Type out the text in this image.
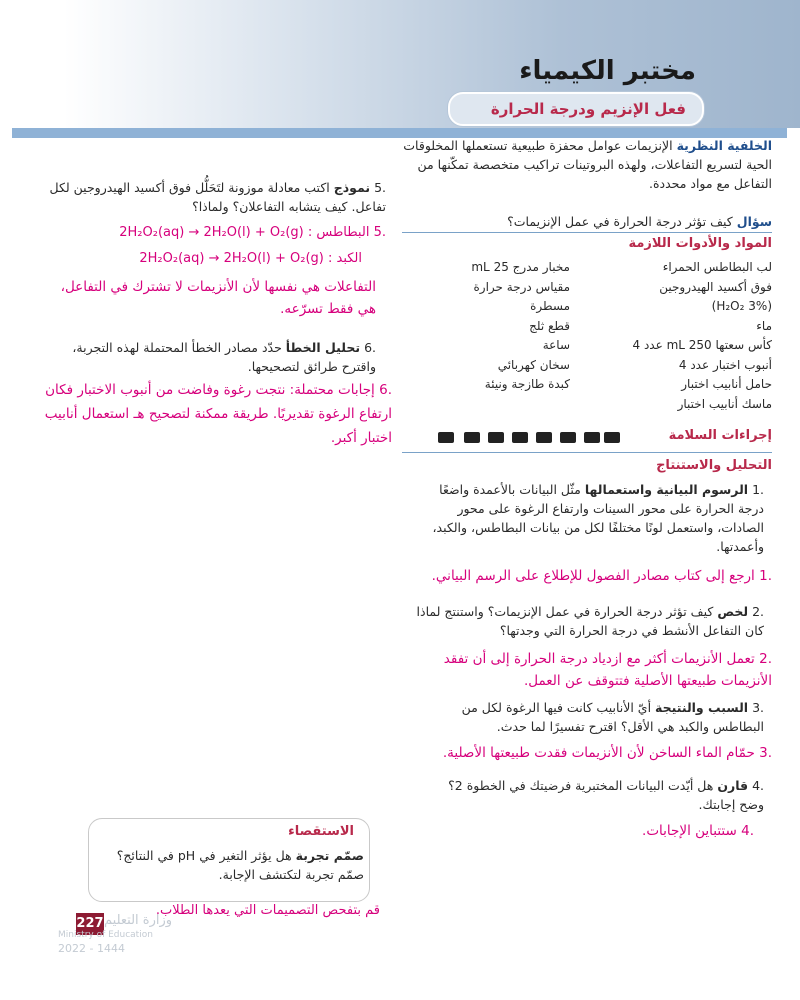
مختبر الكيمياء
فعل الإنزيم ودرجة الحرارة
الخلفية النظرية الإنزيمات عوامل محفزة طبيعية تستعملها المخلوقات الحية لتسريع التفاعلات، ولهذه البروتينات تراكيب متخصصة تمكّنها من التفاعل مع مواد محددة.
سؤال كيف تؤثر درجة الحرارة في عمل الإنزيمات؟
المواد والأدوات اللازمة
لب البطاطس الحمراء
فوق أكسيد الهيدروجين
(3% H₂O₂)
ماء
كأس سعتها 250 mL عدد 4
أنبوب اختبار عدد 4
حامل أنابيب اختبار
ماسك أنابيب اختبار
مخبار مدرج 25 mL
مقياس درجة حرارة
مسطرة
قطع ثلج
ساعة
سخان كهربائي
كبدة طازجة ونيئة
إجراءات السلامة
التحليل والاستنتاج
.1 الرسوم البيانية واستعمالها مثّل البيانات بالأعمدة واضعًا درجة الحرارة على محور السينات وارتفاع الرغوة على محور الصادات، واستعمل لونًا مختلفًا لكل من بيانات البطاطس، والكبد، وأعمدتها.
.1 ارجع إلى كتاب مصادر الفصول للإطلاع على الرسم البياني.
.2 لخص كيف تؤثر درجة الحرارة في عمل الإنزيمات؟ واستنتج لماذا كان التفاعل الأنشط في درجة الحرارة التي وجدتها؟
.2 تعمل الأنزيمات أكثر مع ازدياد درجة الحرارة إلى أن تفقد الأنزيمات طبيعتها الأصلية فتتوقف عن العمل.
.3 السبب والنتيجة أيّ الأنابيب كانت فيها الرغوة لكل من البطاطس والكبد هي الأقل؟ اقترح تفسيرًا لما حدث.
.3 حمّام الماء الساخن لأن الأنزيمات فقدت طبيعتها الأصلية.
.4 قارن هل أيّدت البيانات المختبرية فرضيتك في الخطوة 2؟ وضح إجابتك.
.4 ستتباين الإجابات.
.5 نموذج اكتب معادلة موزونة لتَحَلُّل فوق أكسيد الهيدروجين لكل تفاعل. كيف يتشابه التفاعلان؟ ولماذا؟
.5 البطاطس : 2H₂O₂(aq) → 2H₂O(l) + O₂(g)
الكبد : 2H₂O₂(aq) → 2H₂O(l) + O₂(g)
التفاعلات هي نفسها لأن الأنزيمات لا تشترك في التفاعل، هي فقط تسرّعه.
.6 تحليل الخطأ حدّد مصادر الخطأ المحتملة لهذه التجربة، واقترح طرائق لتصحيحها.
.6 إجابات محتملة: نتجت رغوة وفاضت من أنبوب الاختبار فكان ارتفاع الرغوة تقديريًا. طريقة ممكنة لتصحيح هـ استعمال أنابيب اختبار أكبر.
الاستقصاء
صمّم تجربة هل يؤثر التغير في pH في النتائج؟ صمّم تجربة لتكتشف الإجابة.
قم بتفحص التصميمات التي يعدها الطلاب.
227 وزارة التعليم
Ministry of Education
2022 - 1444
